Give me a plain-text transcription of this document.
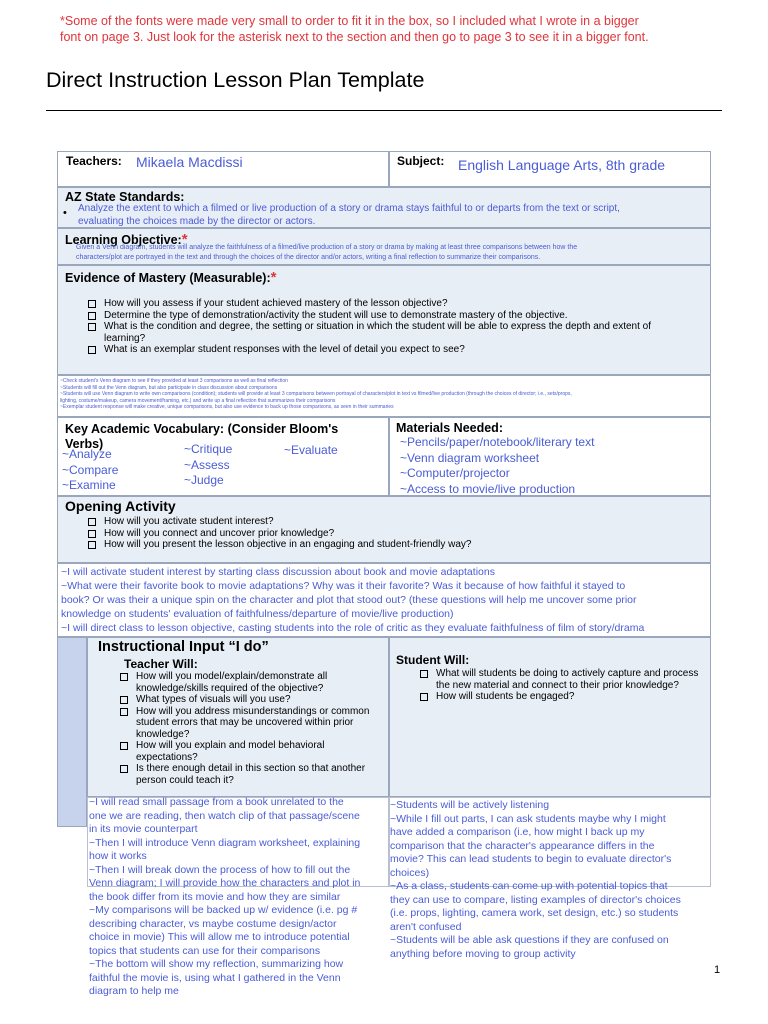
*Some of the fonts were made very small to order to fit it in the box, so I included what I wrote in a bigger
font on page 3. Just look for the asterisk next to the section and then go to page 3 to see it in a bigger font.
Direct Instruction Lesson Plan Template
Teachers: Mikaela Macdissi	Subject: English Language Arts, 8th grade
AZ State Standards:
• Analyze the extent to which a filmed or live production of a story or drama stays faithful to or departs from the text or script,
evaluating the choices made by the director or actors.
Learning Objective:*
Given a Venn diagram, students will analyze the faithfulness of a filmed/live production of a story or drama by making at least three comparisons between how the
characters/plot are portrayed in the text and through the choices of the director and/or actors, writing a final reflection to summarize their comparisons.
Evidence of Mastery (Measurable):*
How will you assess if your student achieved mastery of the lesson objective?
Determine the type of demonstration/activity the student will use to demonstrate mastery of the objective.
What is the condition and degree, the setting or situation in which the student will be able to express the depth and extent of learning?
What is an exemplar student responses with the level of detail you expect to see?
~Check student's Venn diagram to see if they provided at least 3 comparisons as well as final reflection
~Students will fill out the Venn diagram, but also participate in class discussion about comparisons
~Students will use Venn diagram to write own comparisons (condition); students will provide at least 3 comparisons between portrayal of characters/plot in text vs filmed/live production (through the choices of director; i.e., sets/props,
lighting, costume/makeup, camera movement/framing, etc.) and write up a final reflection that summarizes their comparisons
~Exemplar student response will make creative, unique comparisons, but also use evidence to back up those comparisons, as seen in their summaries
Key Academic Vocabulary: (Consider Bloom's
Verbs)
~Analyze
~Compare
~Examine
~Critique
~Assess
~Judge
~Evaluate
Materials Needed:
~Pencils/paper/notebook/literary text
~Venn diagram worksheet
~Computer/projector
~Access to movie/live production
Opening Activity
How will you activate student interest?
How will you connect and uncover prior knowledge?
How will you present the lesson objective in an engaging and student-friendly way?
~I will activate student interest by starting class discussion about book and movie adaptations
~What were their favorite book to movie adaptations? Why was it their favorite? Was it because of how faithful it stayed to
book? Or was their a unique spin on the character and plot that stood out? (these questions will help me uncover some prior
knowledge on students' evaluation of faithfulness/departure of movie/live production)
~I will direct class to lesson objective, casting students into the role of critic as they evaluate faithfulness of film of story/drama
Instructional Input “I do”
Teacher Will:
How will you model/explain/demonstrate all knowledge/skills required of the objective?
What types of visuals will you use?
How will you address misunderstandings or common student errors that may be uncovered within prior knowledge?
How will you explain and model behavioral expectations?
Is there enough detail in this section so that another person could teach it?
Student Will:
What will students be doing to actively capture and process the new material and connect to their prior knowledge?
How will students be engaged?
~I will read small passage from a book unrelated to the
one we are reading, then watch clip of that passage/scene
in its movie counterpart
~Then I will introduce Venn diagram worksheet, explaining
how it works
~Then I will break down the process of how to fill out the
Venn diagram; I will provide how the characters and plot in
the book differ from its movie and how they are similar
~My comparisons will be backed up w/ evidence (i.e. pg #
describing character, vs maybe costume design/actor
choice in movie) This will allow me to introduce potential
topics that students can use for their comparisons
~The bottom will show my reflection, summarizing how
faithful the movie is, using what I gathered in the Venn
diagram to help me
~Students will be actively listening
~While I fill out parts, I can ask students maybe why I might
have added a comparison (i.e, how might I back up my
comparison that the character's appearance differs in the
movie? This can lead students to begin to evaluate director's
choices)
~As a class, students can come up with potential topics that
they can use to compare, listing examples of director's choices
(i.e. props, lighting, camera work, set design, etc.) so students
aren't confused
~Students will be able ask questions if they are confused on
anything before moving to group activity
1
